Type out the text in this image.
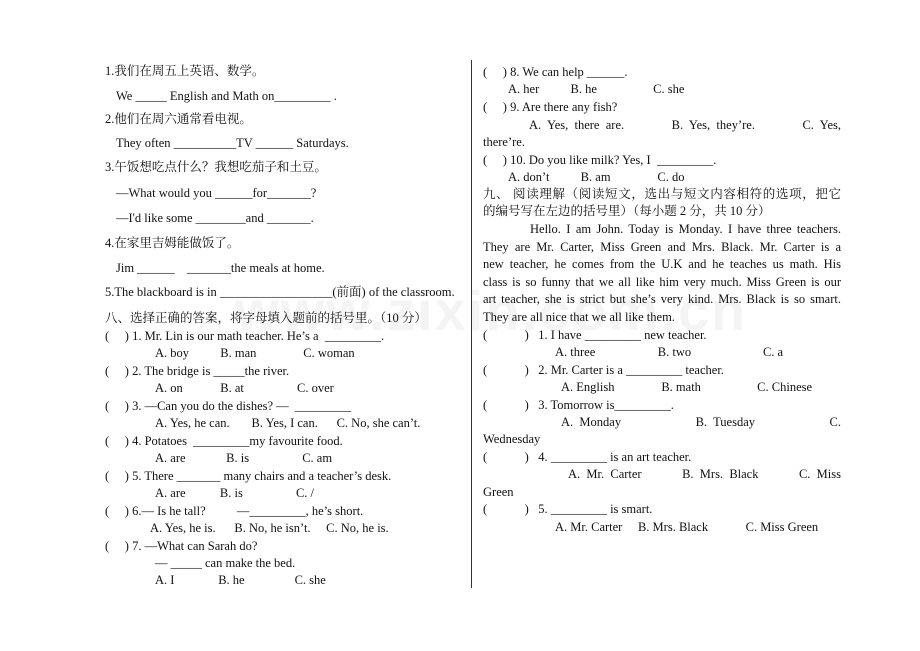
1.我们在周五上英语、数学。
We _____ English and Math on_________ .
2.他们在周六通常看电视。
They often __________TV ______ Saturdays.
3.午饭想吃点什么？我想吃茄子和土豆。
—What would you ______for_______?
—I'd like some ________and _______.
4.在家里吉姆能做饭了。
Jim ______    _______the meals at home.
5.The blackboard is in __________________(前面) of the classroom.
八、选择正确的答案，将字母填入题前的括号里。（10 分）
(     ) 1. Mr. Lin is our math teacher. He’s a  _________.
A. boy          B. man               C. woman
(     ) 2. The bridge is _____the river.
A. on            B. at                 C. over
(     ) 3. —Can you do the dishes? —  _________
A. Yes, he can.       B. Yes, I can.      C. No, she can’t.
(     ) 4. Potatoes  _________my favourite food.
A. are             B. is                 C. am
(     ) 5. There _______ many chairs and a teacher’s desk.
A. are           B. is                 C. /
(     ) 6.— Is he tall?          —_________, he’s short.
A. Yes, he is.      B. No, he isn’t.     C. No, he is.
(     ) 7. —What can Sarah do?
— _____ can make the bed.
A. I              B. he                C. she
(     ) 8. We can help ______.
A. her          B. he                  C. she
(     ) 9. Are there any fish?
there’re.
(     ) 10. Do you like milk? Yes, I  _________.
A. don’t          B. am               C. do
的编号写在左边的括号里）（每小题 2 分，共 10 分）
They are all nice that we all like them.
(            )   1. I have _________ new teacher.
A. three                    B. two                       C. a
(            )   2. Mr. Carter is a _________ teacher.
A. English               B. math                  C. Chinese
(            )   3. Tomorrow is_________.
Wednesday
(            )   4. _________ is an art teacher.
Green
(            )   5. _________ is smart.
A. Mr. Carter     B. Mrs. Black            C. Miss Green
A.  Yes,  there  are.	B.  Yes,  they’re.	C.  Yes,
九、 阅读理解（阅读短文，选出与短文内容相符的选项，把它
Hello. I am John. Today is Monday. I have three teachers.
They are Mr. Carter, Miss Green and Mrs. Black. Mr. Carter is a
new teacher, he comes from the U.K and he teaches us math. His
class is so funny that we all like him very much. Miss Green is our
art teacher, she is strict but she’s very kind. Mrs. Black is so smart.
A.  Monday	B.  Tuesday	C.
A.  Mr.  Carter	B.  Mrs.  Black	C.  Miss
